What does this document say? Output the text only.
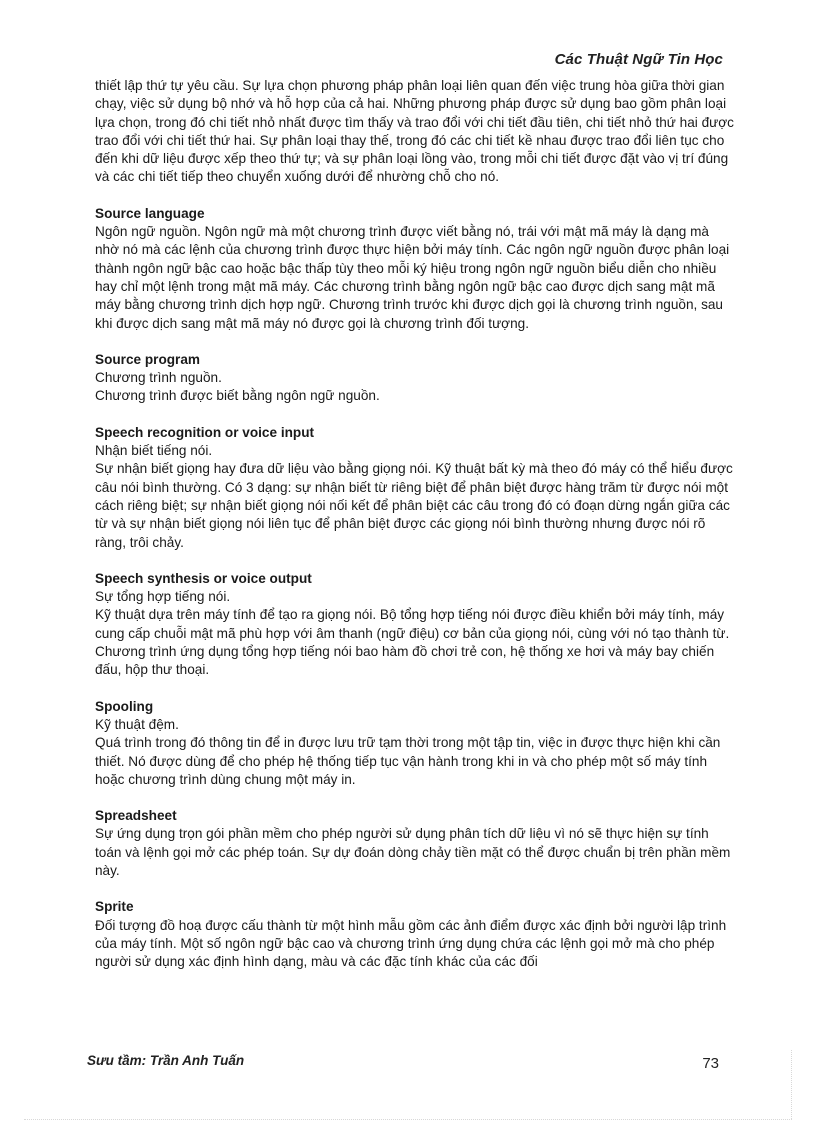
Các Thuật Ngữ Tin Học

thiết lập thứ tự yêu cầu. Sự lựa chọn phương pháp phân loại liên quan đến việc trung hòa giữa thời gian chạy, việc sử dụng bộ nhớ và hỗ hợp của cả hai. Những phương pháp được sử dụng bao gồm phân loại lựa chọn, trong đó chi tiết nhỏ nhất được tìm thấy và trao đổi với chi tiết đầu tiên, chi tiết nhỏ thứ hai được trao đổi với chi tiết thứ hai. Sự phân loại thay thế, trong đó các chi tiết kề nhau được trao đổi liên tục cho đến khi dữ liệu được xếp theo thứ tự; và sự phân loại lồng vào, trong mỗi chi tiết được đặt vào vị trí đúng và các chi tiết tiếp theo chuyển xuống dưới để nhường chỗ cho nó.

Source language

Ngôn ngữ nguồn. Ngôn ngữ mà một chương trình được viết bằng nó, trái với mật mã máy là dạng mà nhờ nó mà các lệnh của chương trình được thực hiện bởi máy tính. Các ngôn ngữ nguồn được phân loại thành ngôn ngữ bậc cao hoặc bậc thấp tùy theo mỗi ký hiệu trong ngôn ngữ nguồn biểu diễn cho nhiều hay chỉ một lệnh trong mật mã máy. Các chương trình bằng ngôn ngữ bậc cao được dịch sang mật mã máy bằng chương trình dịch hợp ngữ. Chương trình trước khi được dịch gọi là chương trình nguồn, sau khi được dịch sang mật mã máy nó được gọi là chương trình đối tượng.

Source program

Chương trình nguồn.

Chương trình được biết bằng ngôn ngữ nguồn.

Speech recognition or voice input

Nhận biết tiếng nói.

Sự nhận biết giọng hay đưa dữ liệu vào bằng giọng nói. Kỹ thuật bất kỳ mà theo đó máy có thể hiểu được câu nói bình thường. Có 3 dạng: sự nhận biết từ riêng biệt để phân biệt được hàng trăm từ được nói một cách riêng biệt; sự nhận biết giọng nói nối kết để phân biệt các câu trong đó có đoạn dừng ngắn giữa các từ và sự nhận biết giọng nói liên tục để phân biệt được các giọng nói bình thường nhưng được nói rõ ràng, trôi chảy.

Speech synthesis or voice output

Sự tổng hợp tiếng nói.

Kỹ thuật dựa trên máy tính để tạo ra giọng nói. Bộ tổng hợp tiếng nói được điều khiển bởi máy tính, máy cung cấp chuỗi mật mã phù hợp với âm thanh (ngữ điệu) cơ bản của giọng nói, cùng với nó tạo thành từ. Chương trình ứng dụng tổng hợp tiếng nói bao hàm đồ chơi trẻ con, hệ thống xe hơi và máy bay chiến đấu, hộp thư thoại.

Spooling

Kỹ thuật đệm.

Quá trình trong đó thông tin để in được lưu trữ tạm thời trong một tập tin, việc in được thực hiện khi cần thiết. Nó được dùng để cho phép hệ thống tiếp tục vận hành trong khi in và cho phép một số máy tính hoặc chương trình dùng chung một máy in.

Spreadsheet

Sự ứng dụng trọn gói phần mềm cho phép người sử dụng phân tích dữ liệu vì nó sẽ thực hiện sự tính toán và lệnh gọi mở các phép toán. Sự dự đoán dòng chảy tiền mặt có thể được chuẩn bị trên phần mềm này.

Sprite

Đối tượng đồ hoạ được cấu thành từ một hình mẫu gồm các ảnh điểm được xác định bởi người lập trình của máy tính. Một số ngôn ngữ bậc cao và chương trình ứng dụng chứa các lệnh gọi mở mà cho phép người sử dụng xác định hình dạng, màu và các đặc tính khác của các đối

Sưu tầm: Trần Anh Tuấn	73
